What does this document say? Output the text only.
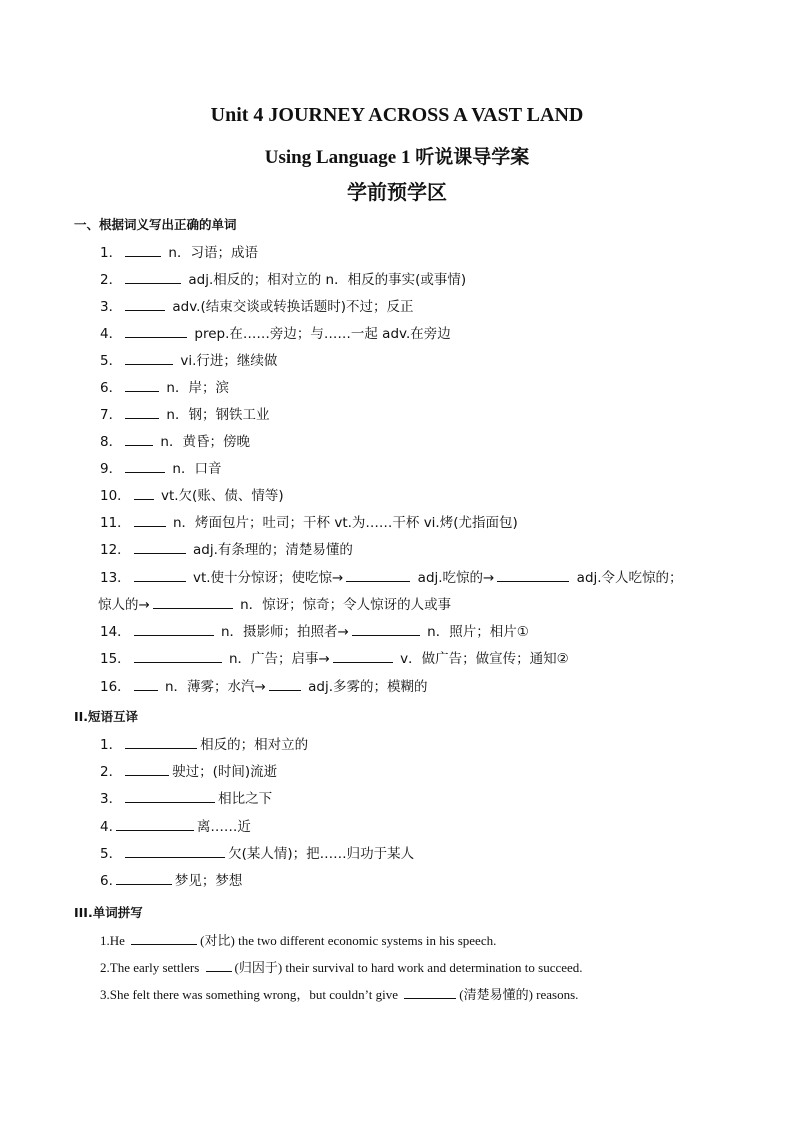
Unit 4 JOURNEY ACROSS A VAST LAND
Using Language 1 听说课导学案
学前预学区
一、根据词义写出正确的单词
1．	n．习语；成语
2．	adj.相反的；相对立的 n．相反的事实(或事情)
3．	adv.(结束交谈或转换话题时)不过；反正
4．	prep.在……旁边；与……一起 adv.在旁边
5．	vi.行进；继续做
6．	n．岸；滨
7．	n．钢；钢铁工业
8．	n．黄昏；傍晚
9．	n．口音
10． vt.欠(账、债、情等)
11．	n．烤面包片；吐司；干杯 vt.为……干杯 vi.烤(尤指面包)
12．	adj.有条理的；清楚易懂的
13．	vt.使十分惊讶；使吃惊→	adj.吃惊的→	adj.令人吃惊的；
惊人的→	n．惊讶；惊奇；令人惊讶的人或事
14．	n．摄影师；拍照者→	n．照片；相片①
15．	n．广告；启事→	v．做广告；做宣传；通知②
16． n．薄雾；水汽→	adj.多雾的；模糊的
II.短语互译
1．	相反的；相对立的
2．	驶过；(时间)流逝
3．	相比之下
4.	离……近
5．	欠(某人情)；把……归功于某人
6.	梦见；梦想
III.单词拼写
1.He	(对比) the two different economic systems in his speech.
2.The early settlers (归因于) their survival to hard work and determination to succeed.
3.She felt there was something wrong，but couldn’t give	(清楚易懂的) reasons.
